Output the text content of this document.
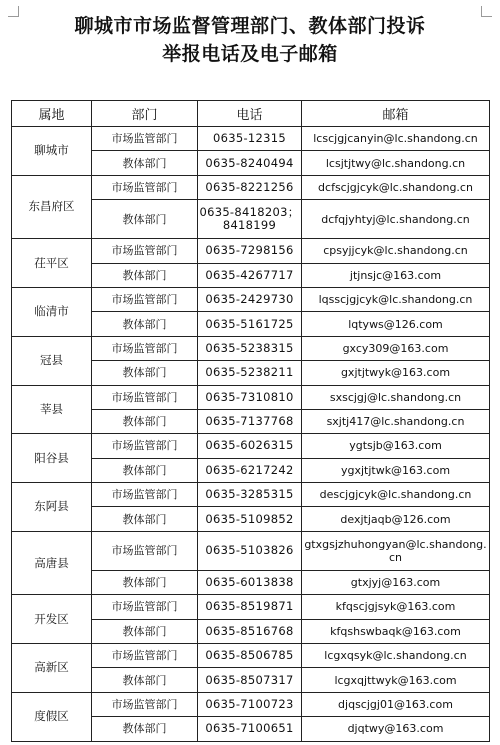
聊城市市场监督管理部门、教体部门投诉
举报电话及电子邮箱
属地	部门	电话	邮箱
聊城市	市场监管部门	0635-12315	lcscjgjcanyin@lc.shandong.cn
	教体部门	0635-8240494	lcsjtjtwy@lc.shandong.cn
东昌府区	市场监管部门	0635-8221256	dcfscjgjcyk@lc.shandong.cn
	教体部门	0635-8418203；8418199	dcfqjyhtyj@lc.shandong.cn
茌平区	市场监管部门	0635-7298156	cpsyjjcyk@lc.shandong.cn
	教体部门	0635-4267717	jtjnsjc@163.com
临清市	市场监管部门	0635-2429730	lqsscjgjcyk@lc.shandong.cn
	教体部门	0635-5161725	lqtyws@126.com
冠县	市场监管部门	0635-5238315	gxcy309@163.com
	教体部门	0635-5238211	gxjtjtwyk@163.com
莘县	市场监管部门	0635-7310810	sxscjgj@lc.shandong.cn
	教体部门	0635-7137768	sxjtj417@lc.shandong.cn
阳谷县	市场监管部门	0635-6026315	ygtsjb@163.com
	教体部门	0635-6217242	ygxjtjtwk@163.com
东阿县	市场监管部门	0635-3285315	descjgjcyk@lc.shandong.cn
	教体部门	0635-5109852	dexjtjaqb@126.com
高唐县	市场监管部门	0635-5103826	gtxgsjzhuhongyan@lc.shandong.cn
	教体部门	0635-6013838	gtxjyj@163.com
开发区	市场监管部门	0635-8519871	kfqscjgjsyk@163.com
	教体部门	0635-8516768	kfqshswbaqk@163.com
高新区	市场监管部门	0635-8506785	lcgxqsyk@lc.shandong.cn
	教体部门	0635-8507317	lcgxqjttwyk@163.com
度假区	市场监管部门	0635-7100723	djqscjgj01@163.com
	教体部门	0635-7100651	djqtwy@163.com
